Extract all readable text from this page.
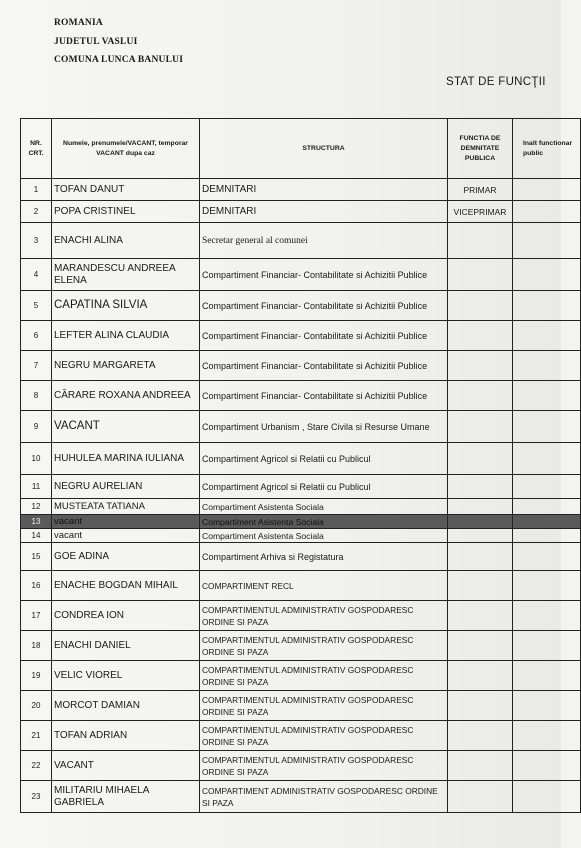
ROMANIA
JUDETUL VASLUI
COMUNA LUNCA BANULUI
STAT DE FUNCŢII
NR. CRT.	Numele, prenumele/VACANT, temporar VACANT dupa caz	STRUCTURA	FUNCTIA DE DEMNITATE PUBLICA	Inalt functionar public
1	TOFAN DANUT	DEMNITARI	PRIMAR	
2	POPA CRISTINEL	DEMNITARI	VICEPRIMAR	
3	ENACHI ALINA	Secretar general al comunei		
4	MARANDESCU ANDREEA ELENA	Compartiment Financiar- Contabilitate si Achizitii Publice		
5	CAPATINA SILVIA	Compartiment Financiar- Contabilitate si Achizitii Publice		
6	LEFTER ALINA CLAUDIA	Compartiment Financiar- Contabilitate si Achizitii Publice		
7	NEGRU MARGARETA	Compartiment Financiar- Contabilitate si Achizitii Publice		
8	CĂRARE ROXANA ANDREEA	Compartiment Financiar- Contabilitate si Achizitii Publice		
9	VACANT	Compartiment Urbanism , Stare Civila si Resurse Umane		
10	HUHULEA MARINA IULIANA	Compartiment Agricol si Relatii cu Publicul		
11	NEGRU AURELIAN	Compartiment Agricol si Relatii cu Publicul		
12	MUSTEATA TATIANA	Compartiment Asistenta Sociala		
13	vacant	Compartiment Asistenta Sociala		
14	vacant	Compartiment Asistenta Sociala		
15	GOE ADINA	Compartiment Arhiva si Registatura		
16	ENACHE BOGDAN MIHAIL	COMPARTIMENT RECL		
17	CONDREA ION	COMPARTIMENTUL ADMINISTRATIV GOSPODARESC ORDINE SI PAZA		
18	ENACHI DANIEL	COMPARTIMENTUL ADMINISTRATIV GOSPODARESC ORDINE SI PAZA		
19	VELIC VIOREL	COMPARTIMENTUL ADMINISTRATIV GOSPODARESC ORDINE SI PAZA		
20	MORCOT DAMIAN	COMPARTIMENTUL ADMINISTRATIV GOSPODARESC ORDINE SI PAZA		
21	TOFAN ADRIAN	COMPARTIMENTUL ADMINISTRATIV GOSPODARESC ORDINE SI PAZA		
22	VACANT	COMPARTIMENTUL ADMINISTRATIV GOSPODARESC ORDINE SI PAZA		
23	MILITARIU MIHAELA GABRIELA	COMPARTIMENT ADMINISTRATIV GOSPODARESC ORDINE SI PAZA		
